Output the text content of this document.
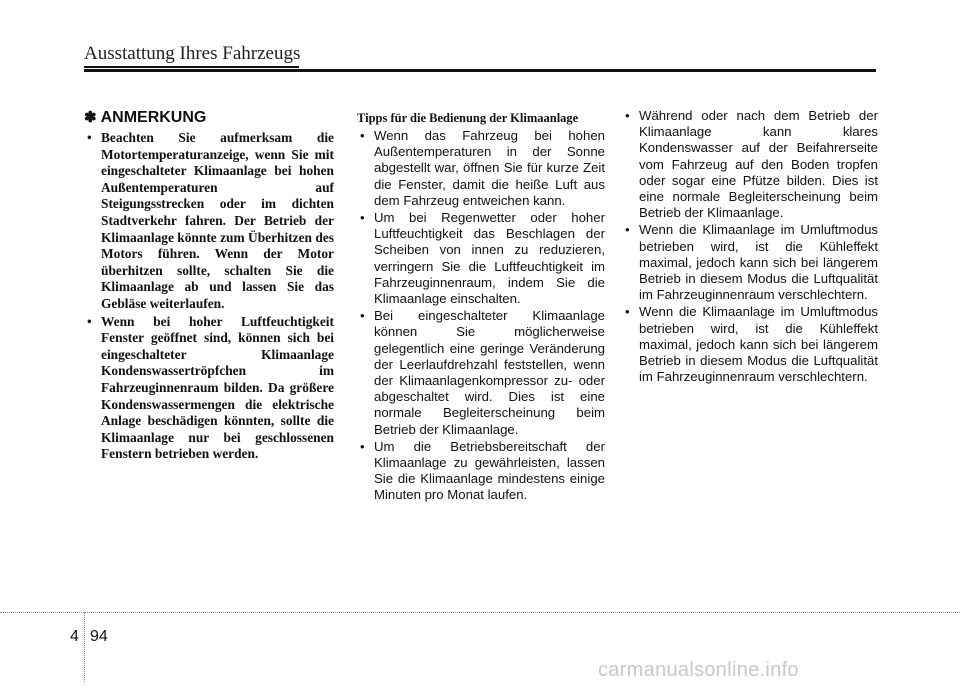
Ausstattung Ihres Fahrzeugs
✽ ANMERKUNG
• Beachten Sie aufmerksam die Motortemperaturanzeige, wenn Sie mit eingeschalteter Klimaanlage bei hohen Außentemperaturen auf Steigungsstrecken oder im dichten Stadtverkehr fahren. Der Betrieb der Klimaanlage könnte zum Überhitzen des Motors führen. Wenn der Motor überhitzen sollte, schalten Sie die Klimaanlage ab und lassen Sie das Gebläse weiterlaufen.
• Wenn bei hoher Luftfeuchtigkeit Fenster geöffnet sind, können sich bei eingeschalteter Klimaanlage Kondenswassertröpfchen im Fahrzeuginnenraum bilden. Da größere Kondenswassermengen die elektrische Anlage beschädigen könnten, sollte die Klimaanlage nur bei geschlossenen Fenstern betrieben werden.
Tipps für die Bedienung der Klimaanlage
• Wenn das Fahrzeug bei hohen Außentemperaturen in der Sonne abgestellt war, öffnen Sie für kurze Zeit die Fenster, damit die heiße Luft aus dem Fahrzeug entweichen kann.
• Um bei Regenwetter oder hoher Luftfeuchtigkeit das Beschlagen der Scheiben von innen zu reduzieren, verringern Sie die Luftfeuchtigkeit im Fahrzeuginnenraum, indem Sie die Klimaanlage einschalten.
• Bei eingeschalteter Klimaanlage können Sie möglicherweise gelegentlich eine geringe Veränderung der Leerlaufdrehzahl feststellen, wenn der Klimaanlagenkompressor zu- oder abgeschaltet wird. Dies ist eine normale Begleiterscheinung beim Betrieb der Klimaanlage.
• Um die Betriebsbereitschaft der Klimaanlage zu gewährleisten, lassen Sie die Klimaanlage mindestens einige Minuten pro Monat laufen.
• Während oder nach dem Betrieb der Klimaanlage kann klares Kondenswasser auf der Beifahrerseite vom Fahrzeug auf den Boden tropfen oder sogar eine Pfütze bilden. Dies ist eine normale Begleiterscheinung beim Betrieb der Klimaanlage.
• Wenn die Klimaanlage im Umluftmodus betrieben wird, ist die Kühleffekt maximal, jedoch kann sich bei längerem Betrieb in diesem Modus die Luftqualität im Fahrzeuginnenraum verschlechtern.
• Wenn die Klimaanlage im Umluftmodus betrieben wird, ist die Kühleffekt maximal, jedoch kann sich bei längerem Betrieb in diesem Modus die Luftqualität im Fahrzeuginnenraum verschlechtern.
4 94
carmanualsonline.info
